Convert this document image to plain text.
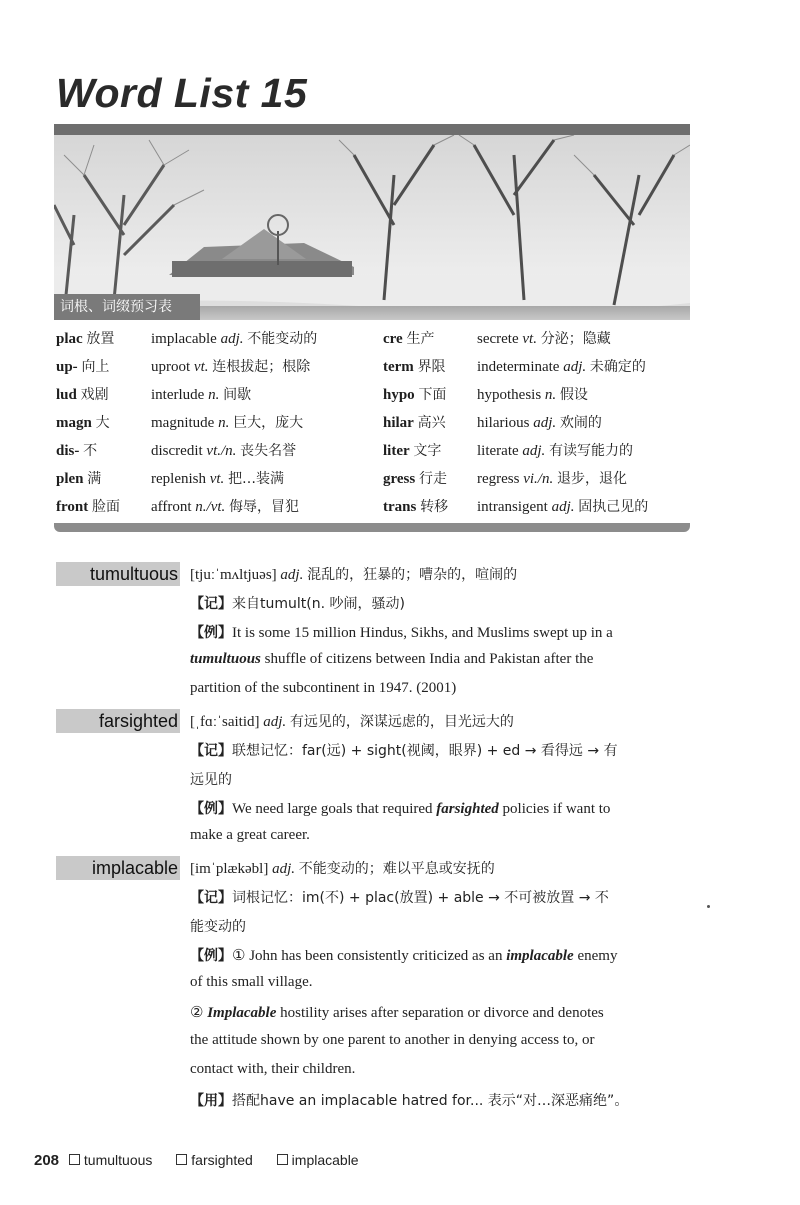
Word List 15
词根、词缀预习表
plac 放置 implacable adj. 不能变动的	cre 生产	secrete vt. 分泌；隐藏
up- 向上	uproot vt. 连根拔起；根除	term 界限 indeterminate adj. 未确定的
lud 戏剧	interlude n. 间歇	hypo 下面 hypothesis n. 假设
magn 大	magnitude n. 巨大，庞大	hilar 高兴 hilarious adj. 欢闹的
dis- 不	discredit vt./n. 丧失名誉	liter 文字 literate adj. 有读写能力的
plen 满	replenish vt. 把…装满	gress 行走 regress vi./n. 退步，退化
front 脸面 affront n./vt. 侮辱，冒犯	trans 转移 intransigent adj. 固执己见的
tumultuous [tjuːˈmʌltjuəs] adj. 混乱的，狂暴的；嘈杂的，喧闹的
【记】来自tumult(n. 吵闹，骚动)
【例】It is some 15 million Hindus, Sikhs, and Muslims swept up in a
tumultuous shuffle of citizens between India and Pakistan after the
partition of the subcontinent in 1947. (2001)
farsighted [ˌfɑːˈsaitid] adj. 有远见的，深谋远虑的，目光远大的
【记】联想记忆：far(远) + sight(视阈，眼界) + ed → 看得远 → 有
远见的
【例】We need large goals that required farsighted policies if want to
make a great career.
implacable [imˈplækəbl] adj. 不能变动的；难以平息或安抚的
【记】词根记忆：im(不) + plac(放置) + able → 不可被放置 → 不
能变动的
【例】① John has been consistently criticized as an implacable enemy
of this small village.
② Implacable hostility arises after separation or divorce and denotes
the attitude shown by one parent to another in denying access to, or
contact with, their children.
【用】搭配have an implacable hatred for... 表示“对…深恶痛绝”。
208 tumultuous	farsighted	implacable
